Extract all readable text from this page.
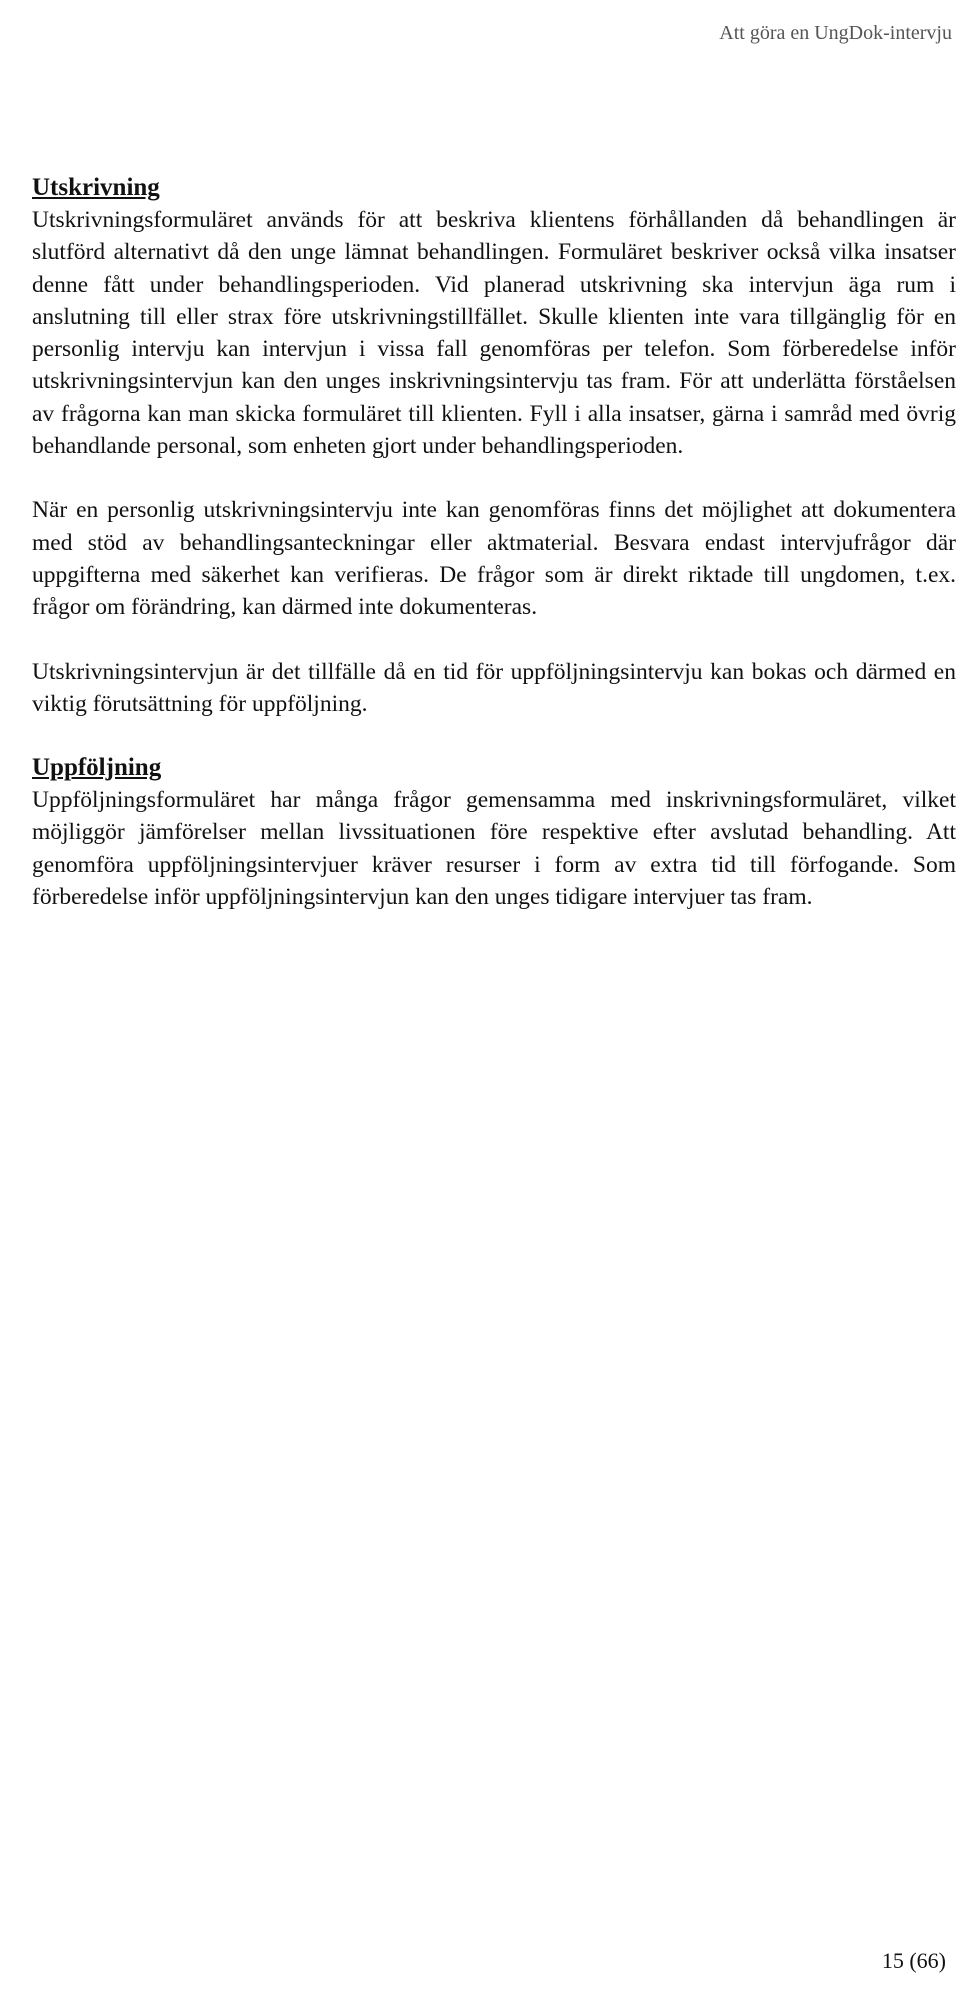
Att göra en UngDok-intervju
Utskrivning

Utskrivningsformuläret används för att beskriva klientens förhållanden då behandlingen är slutförd alternativt då den unge lämnat behandlingen. Formuläret beskriver också vilka insatser denne fått under behandlingsperioden. Vid planerad utskrivning ska intervjun äga rum i anslutning till eller strax före utskrivningstillfället. Skulle klienten inte vara tillgänglig för en personlig intervju kan intervjun i vissa fall genomföras per telefon. Som förberedelse inför utskrivningsintervjun kan den unges inskrivningsintervju tas fram. För att underlätta förståelsen av frågorna kan man skicka formuläret till klienten. Fyll i alla insatser, gärna i samråd med övrig behandlande personal, som enheten gjort under behandlingsperioden.

När en personlig utskrivningsintervju inte kan genomföras finns det möjlighet att dokumentera med stöd av behandlingsanteckningar eller aktmaterial. Besvara endast intervjufrågor där uppgifterna med säkerhet kan verifieras. De frågor som är direkt riktade till ungdomen, t.ex. frågor om förändring, kan därmed inte dokumenteras.

Utskrivningsintervjun är det tillfälle då en tid för uppföljningsintervju kan bokas och därmed en viktig förutsättning för uppföljning.

Uppföljning

Uppföljningsformuläret har många frågor gemensamma med inskrivningsformuläret, vilket möjliggör jämförelser mellan livssituationen före respektive efter avslutad behandling. Att genomföra uppföljningsintervjuer kräver resurser i form av extra tid till förfogande. Som förberedelse inför uppföljningsintervjun kan den unges tidigare intervjuer tas fram.

15 (66)
